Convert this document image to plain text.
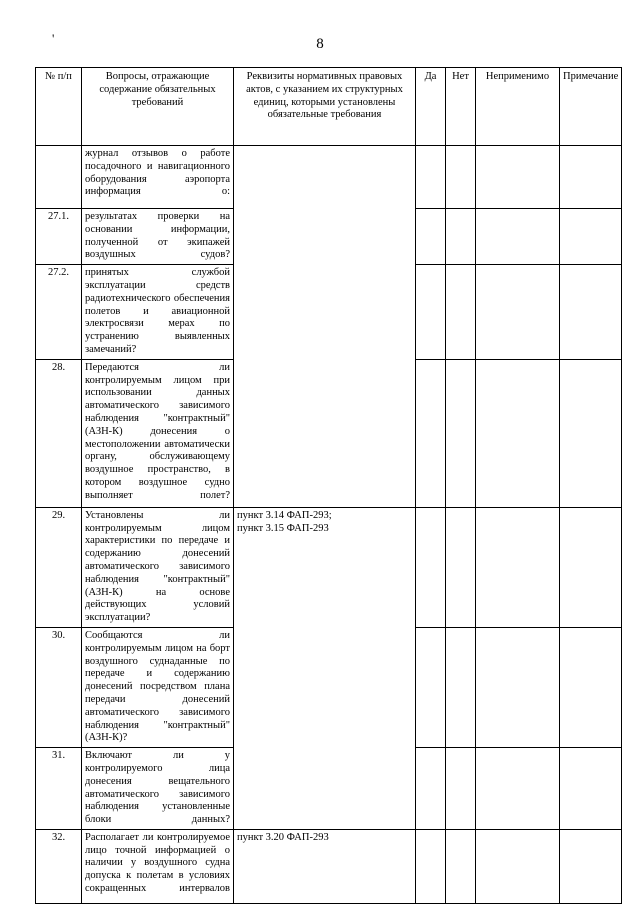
'	8
№ п/п	Вопросы, отражающие содержание обязательных требований	Реквизиты нормативных правовых актов, с указанием их структурных единиц, которыми установлены обязательные требования	Да	Нет	Неприменимо	Примечание
	журнал отзывов о работе посадочного и навигационного оборудования аэропорта информация о:					
27.1.	результатах проверки на основании информации, полученной от экипажей воздушных судов?					
27.2.	принятых службой эксплуатации средств радиотехнического обеспечения полетов и авиационной электросвязи мерах по устранению выявленных замечаний?					
28.	Передаются ли контролируемым лицом при использовании данных автоматического зависимого наблюдения "контрактный" (АЗН-К) донесения о местоположении автоматически органу, обслуживающему воздушное пространство, в котором воздушное судно выполняет полет?					
29.	Установлены ли контролируемым лицом характеристики по передаче и содержанию донесений автоматического зависимого наблюдения "контрактный" (АЗН-К) на основе действующих условий эксплуатации?	пункт 3.14 ФАП-293;
пункт 3.15 ФАП-293				
30.	Сообщаются ли контролируемым лицом на борт воздушного суднаданные по передаче и содержанию донесений посредством плана передачи донесений автоматического зависимого наблюдения "контрактный" (АЗН-К)?					
31.	Включают ли у контролируемого лица донесения вещательного автоматического зависимого наблюдения установленные блоки данных?					
32.	Располагает ли контролируемое лицо точной информацией о наличии у воздушного судна допуска к полетам в условиях сокращенных интервалов	пункт 3.20 ФАП-293				
